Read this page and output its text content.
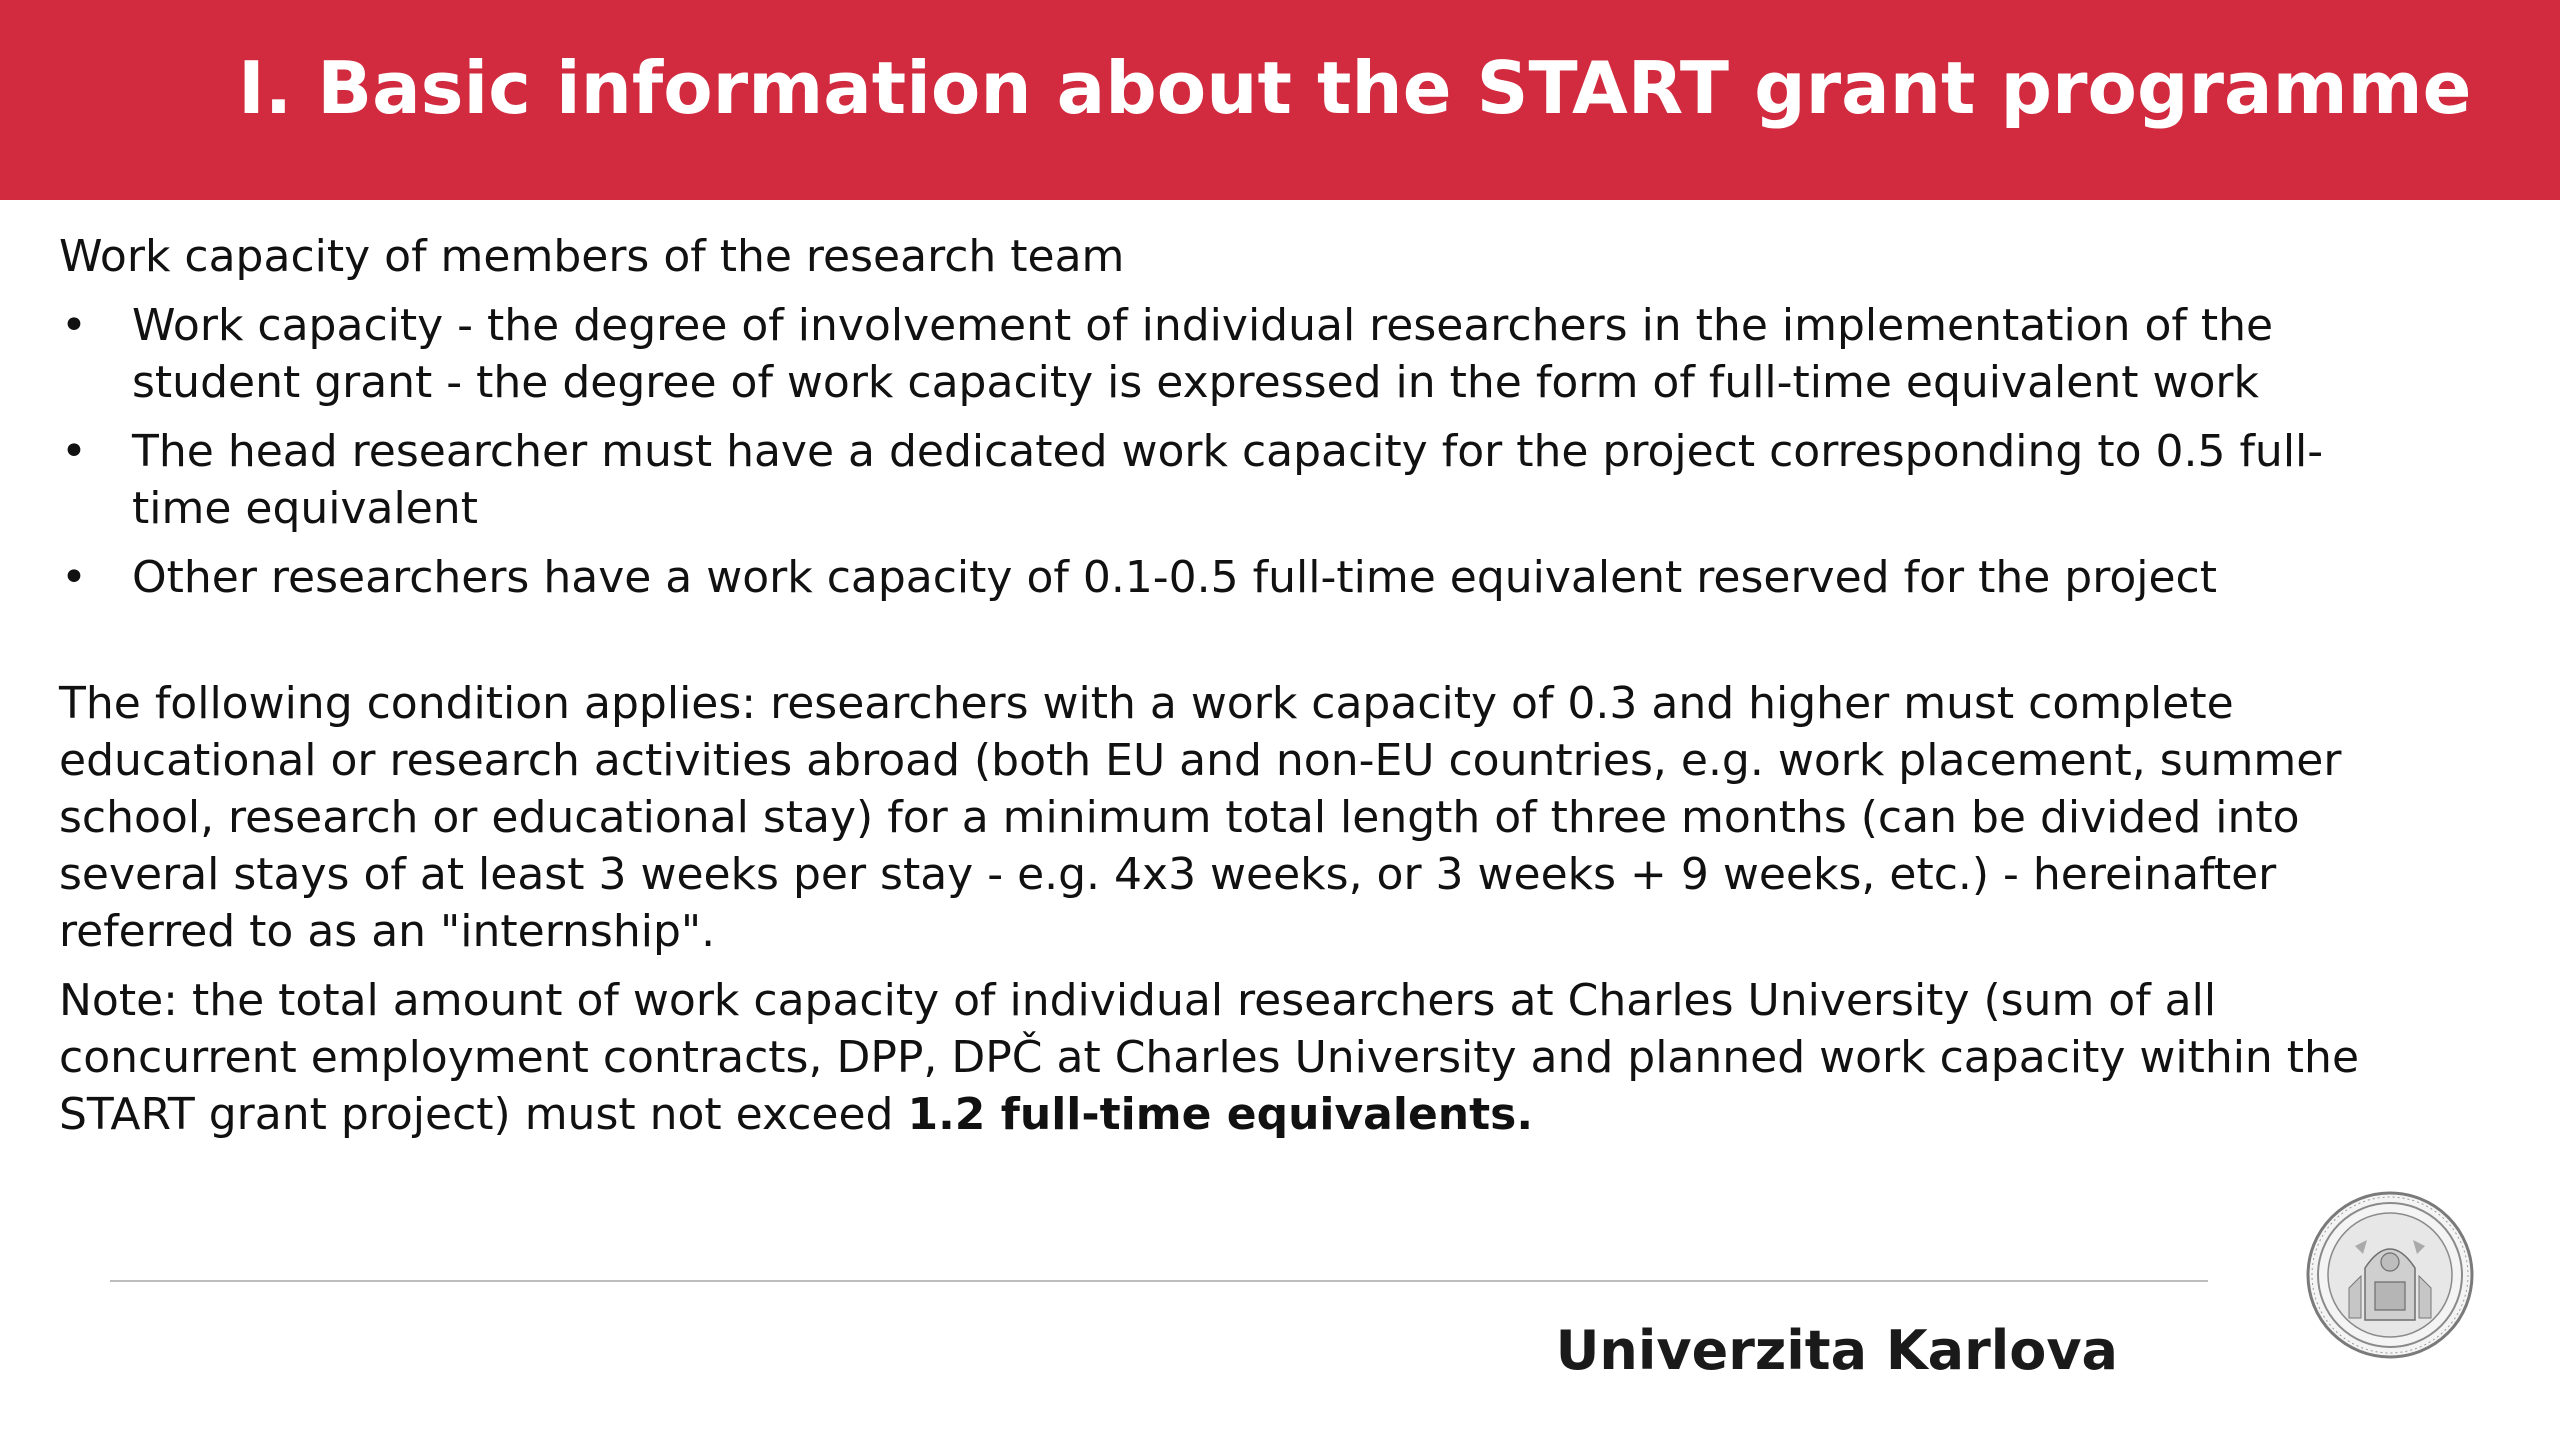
I. Basic information about the START grant programme

Work capacity of members of the research team

• Work capacity - the degree of involvement of individual researchers in the implementation of the student grant - the degree of work capacity is expressed in the form of full-time equivalent work
• The head researcher must have a dedicated work capacity for the project corresponding to 0.5 full-time equivalent
• Other researchers have a work capacity of 0.1-0.5 full-time equivalent reserved for the project

The following condition applies: researchers with a work capacity of 0.3 and higher must complete educational or research activities abroad (both EU and non-EU countries, e.g. work placement, summer school, research or educational stay) for a minimum total length of three months (can be divided into several stays of at least 3 weeks per stay - e.g. 4x3 weeks, or 3 weeks + 9 weeks, etc.) - hereinafter referred to as an "internship".

Note: the total amount of work capacity of individual researchers at Charles University (sum of all concurrent employment contracts, DPP, DPČ at Charles University and planned work capacity within the START grant project) must not exceed 1.2 full-time equivalents.

Univerzita Karlova
